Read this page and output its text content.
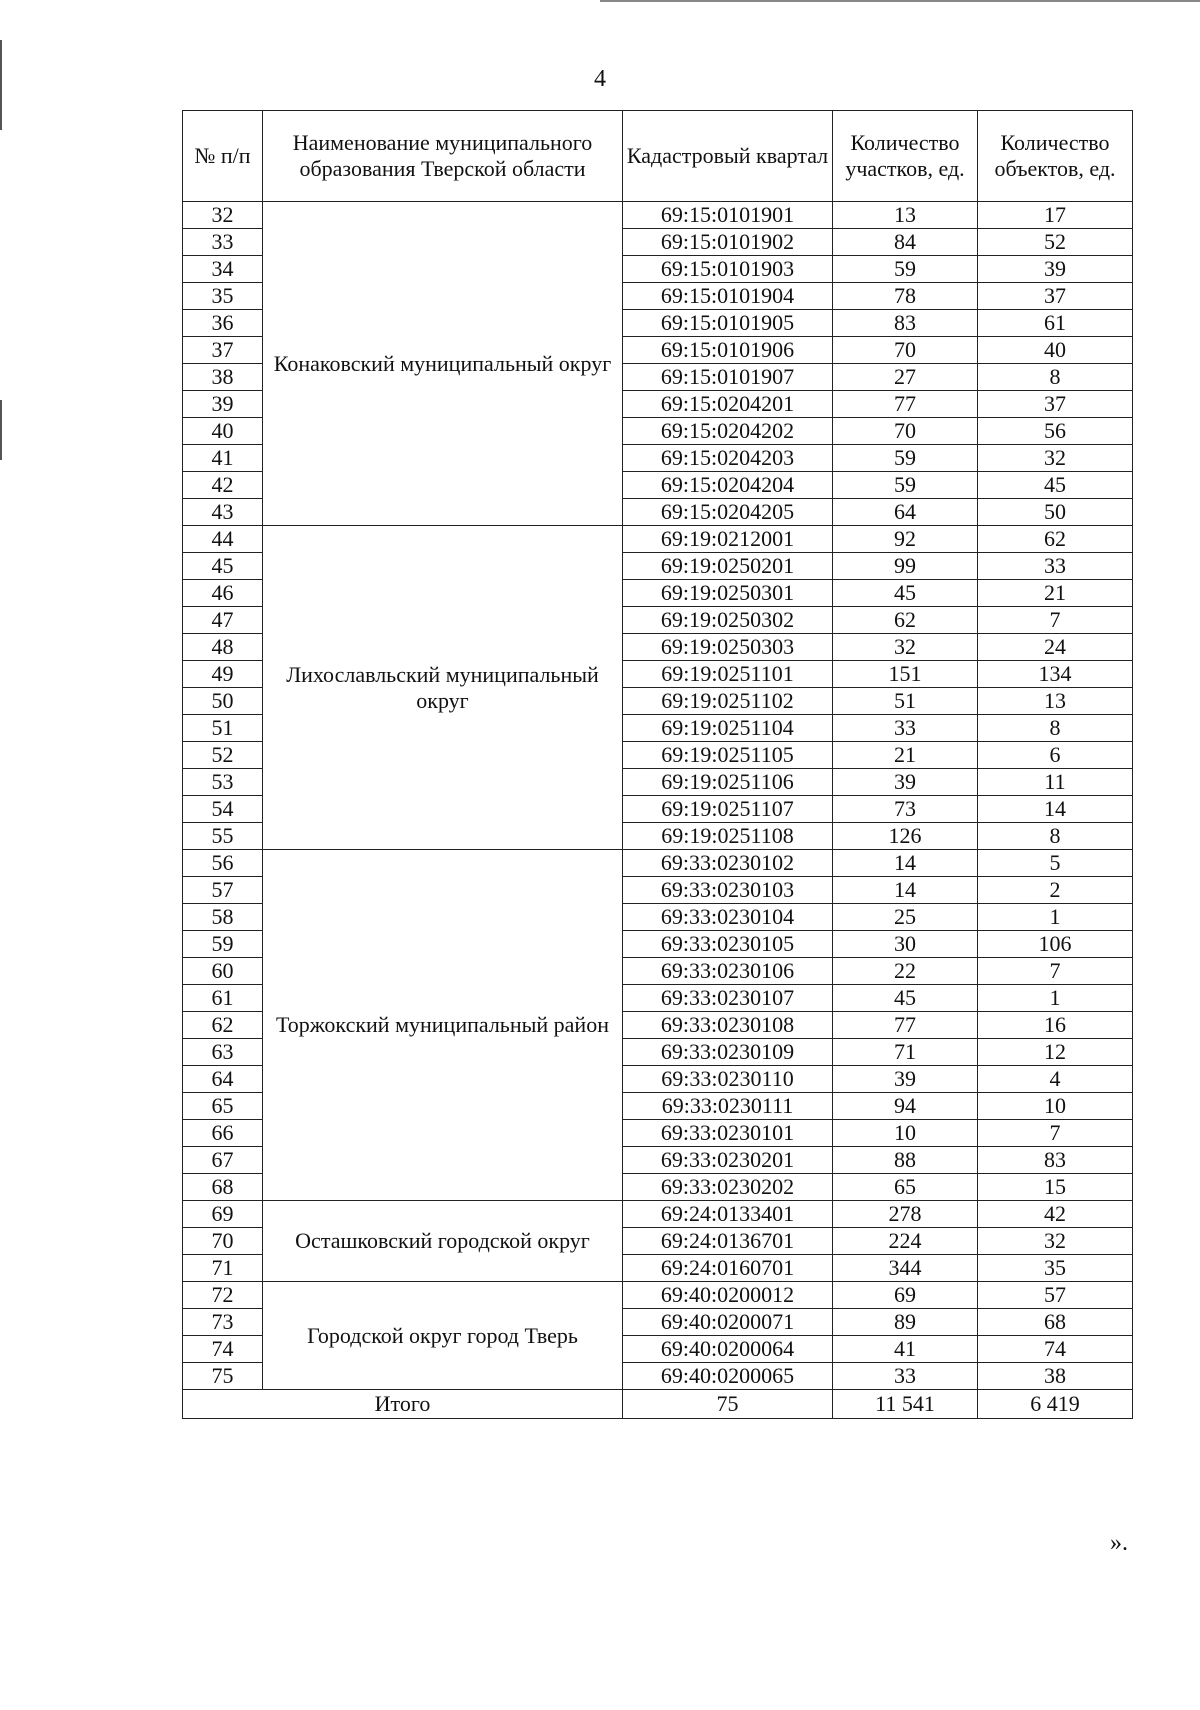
4
№ п/п	Наименование муниципального образования Тверской области	Кадастровый квартал	Количество участков, ед.	Количество объектов, ед.
32	Конаковский муниципальный округ	69:15:0101901	13	17
33		69:15:0101902	84	52
34		69:15:0101903	59	39
35		69:15:0101904	78	37
36		69:15:0101905	83	61
37		69:15:0101906	70	40
38		69:15:0101907	27	8
39		69:15:0204201	77	37
40		69:15:0204202	70	56
41		69:15:0204203	59	32
42		69:15:0204204	59	45
43		69:15:0204205	64	50
44	Лихославльский муниципальный округ	69:19:0212001	92	62
45		69:19:0250201	99	33
46		69:19:0250301	45	21
47		69:19:0250302	62	7
48		69:19:0250303	32	24
49		69:19:0251101	151	134
50		69:19:0251102	51	13
51		69:19:0251104	33	8
52		69:19:0251105	21	6
53		69:19:0251106	39	11
54		69:19:0251107	73	14
55		69:19:0251108	126	8
56	Торжокский муниципальный район	69:33:0230102	14	5
57		69:33:0230103	14	2
58		69:33:0230104	25	1
59		69:33:0230105	30	106
60		69:33:0230106	22	7
61		69:33:0230107	45	1
62		69:33:0230108	77	16
63		69:33:0230109	71	12
64		69:33:0230110	39	4
65		69:33:0230111	94	10
66		69:33:0230101	10	7
67		69:33:0230201	88	83
68		69:33:0230202	65	15
69	Осташковский городской округ	69:24:0133401	278	42
70		69:24:0136701	224	32
71		69:24:0160701	344	35
72	Городской округ город Тверь	69:40:0200012	69	57
73		69:40:0200071	89	68
74		69:40:0200064	41	74
75		69:40:0200065	33	38
Итого		75	11 541	6 419
».
